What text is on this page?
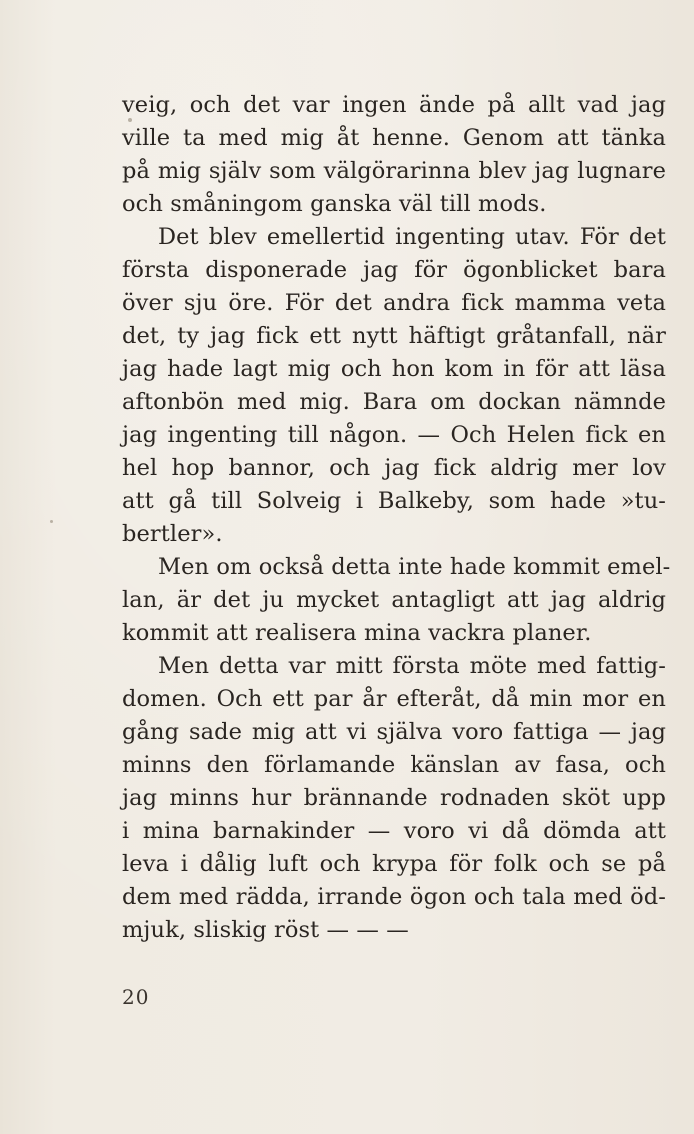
veig, och det var ingen ände på allt vad jag
ville ta med mig åt henne. Genom att tänka
på mig själv som välgörarinna blev jag lugnare
och småningom ganska väl till mods.
Det blev emellertid ingenting utav. För det
första disponerade jag för ögonblicket bara
över sju öre. För det andra fick mamma veta
det, ty jag fick ett nytt häftigt gråtanfall, när
jag hade lagt mig och hon kom in för att läsa
aftonbön med mig. Bara om dockan nämnde
jag ingenting till någon. — Och Helen fick en
hel hop bannor, och jag fick aldrig mer lov
att gå till Solveig i Balkeby, som hade »tu-
bertler».
Men om också detta inte hade kommit emel-
lan, är det ju mycket antagligt att jag aldrig
kommit att realisera mina vackra planer.
Men detta var mitt första möte med fattig-
domen. Och ett par år efteråt, då min mor en
gång sade mig att vi själva voro fattiga — jag
minns den förlamande känslan av fasa, och
jag minns hur brännande rodnaden sköt upp
i mina barnakinder — voro vi då dömda att
leva i dålig luft och krypa för folk och se på
dem med rädda, irrande ögon och tala med öd-
mjuk, sliskig röst — — —
20
